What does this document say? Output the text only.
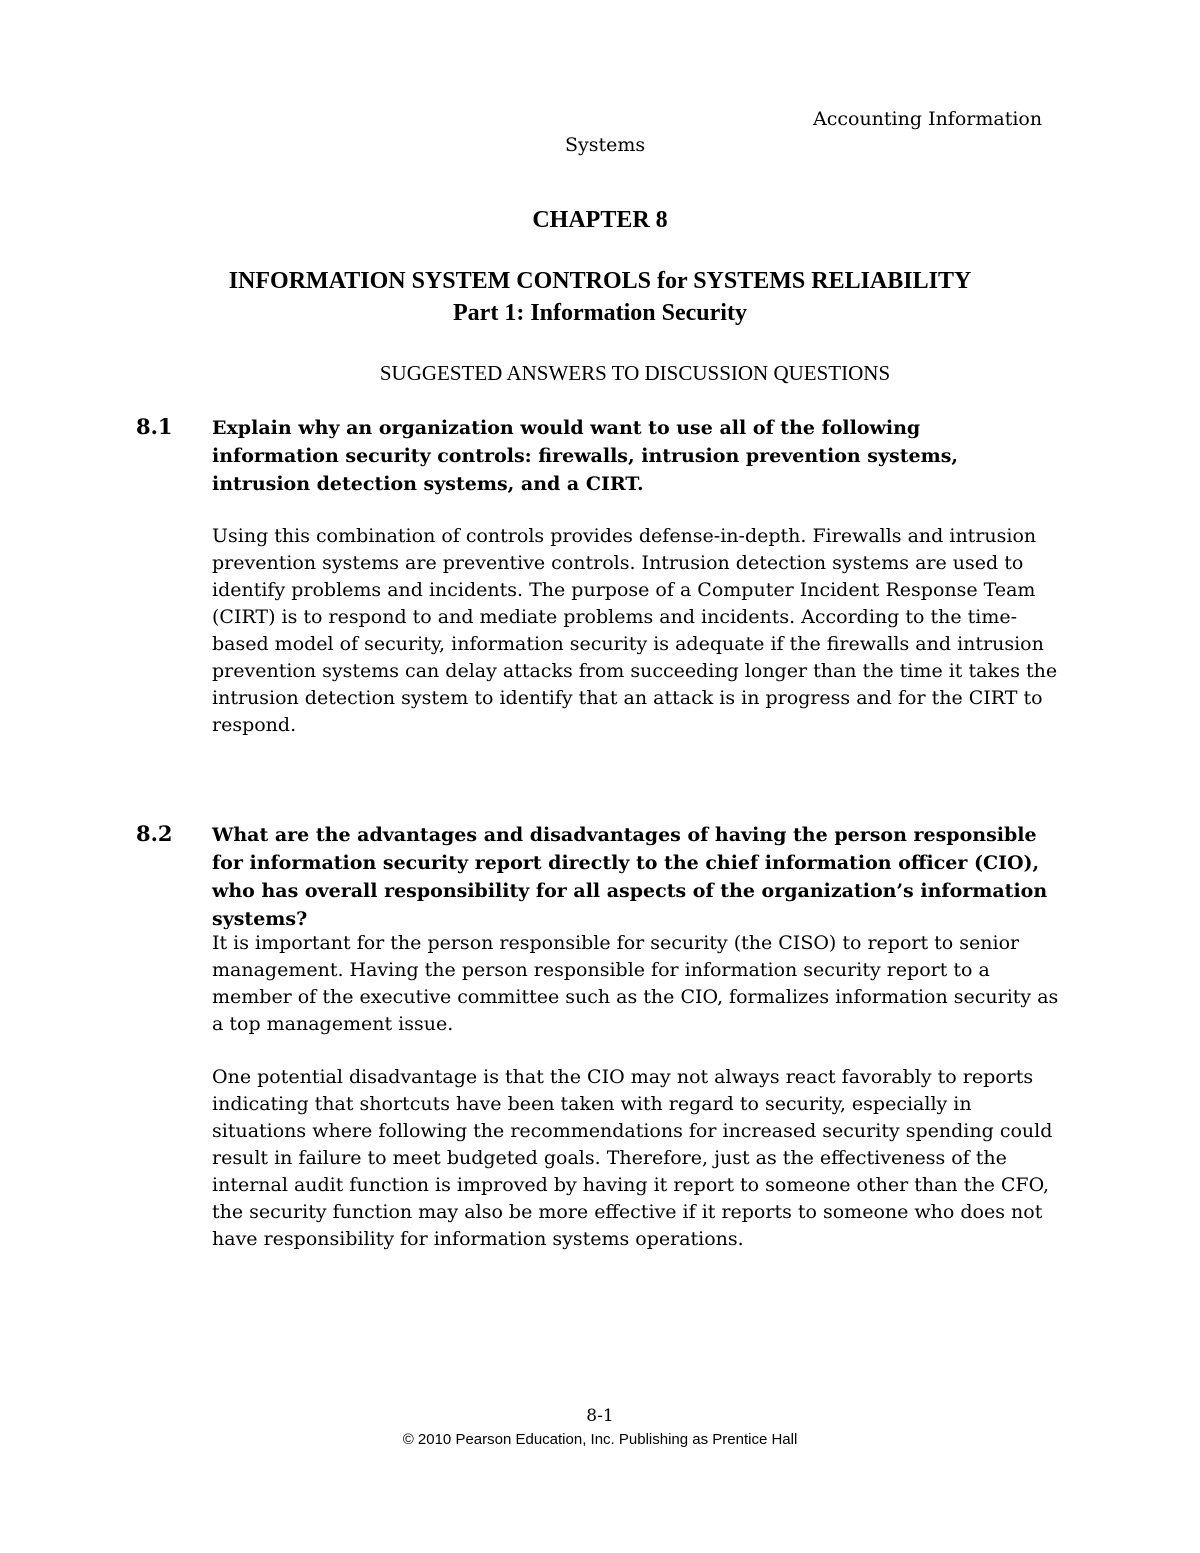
Accounting Information
Systems
CHAPTER 8
INFORMATION SYSTEM CONTROLS for SYSTEMS RELIABILITY
Part 1: Information Security
SUGGESTED ANSWERS TO DISCUSSION QUESTIONS
8.1 Explain why an organization would want to use all of the following information security controls: firewalls, intrusion prevention systems, intrusion detection systems, and a CIRT.

Using this combination of controls provides defense-in-depth. Firewalls and intrusion prevention systems are preventive controls. Intrusion detection systems are used to identify problems and incidents. The purpose of a Computer Incident Response Team (CIRT) is to respond to and mediate problems and incidents. According to the time-based model of security, information security is adequate if the firewalls and intrusion prevention systems can delay attacks from succeeding longer than the time it takes the intrusion detection system to identify that an attack is in progress and for the CIRT to respond.

8.2 What are the advantages and disadvantages of having the person responsible for information security report directly to the chief information officer (CIO), who has overall responsibility for all aspects of the organization’s information systems?

It is important for the person responsible for security (the CISO) to report to senior management. Having the person responsible for information security report to a member of the executive committee such as the CIO, formalizes information security as a top management issue.

One potential disadvantage is that the CIO may not always react favorably to reports indicating that shortcuts have been taken with regard to security, especially in situations where following the recommendations for increased security spending could result in failure to meet budgeted goals. Therefore, just as the effectiveness of the internal audit function is improved by having it report to someone other than the CFO, the security function may also be more effective if it reports to someone who does not have responsibility for information systems operations.

8-1
© 2010 Pearson Education, Inc. Publishing as Prentice Hall
